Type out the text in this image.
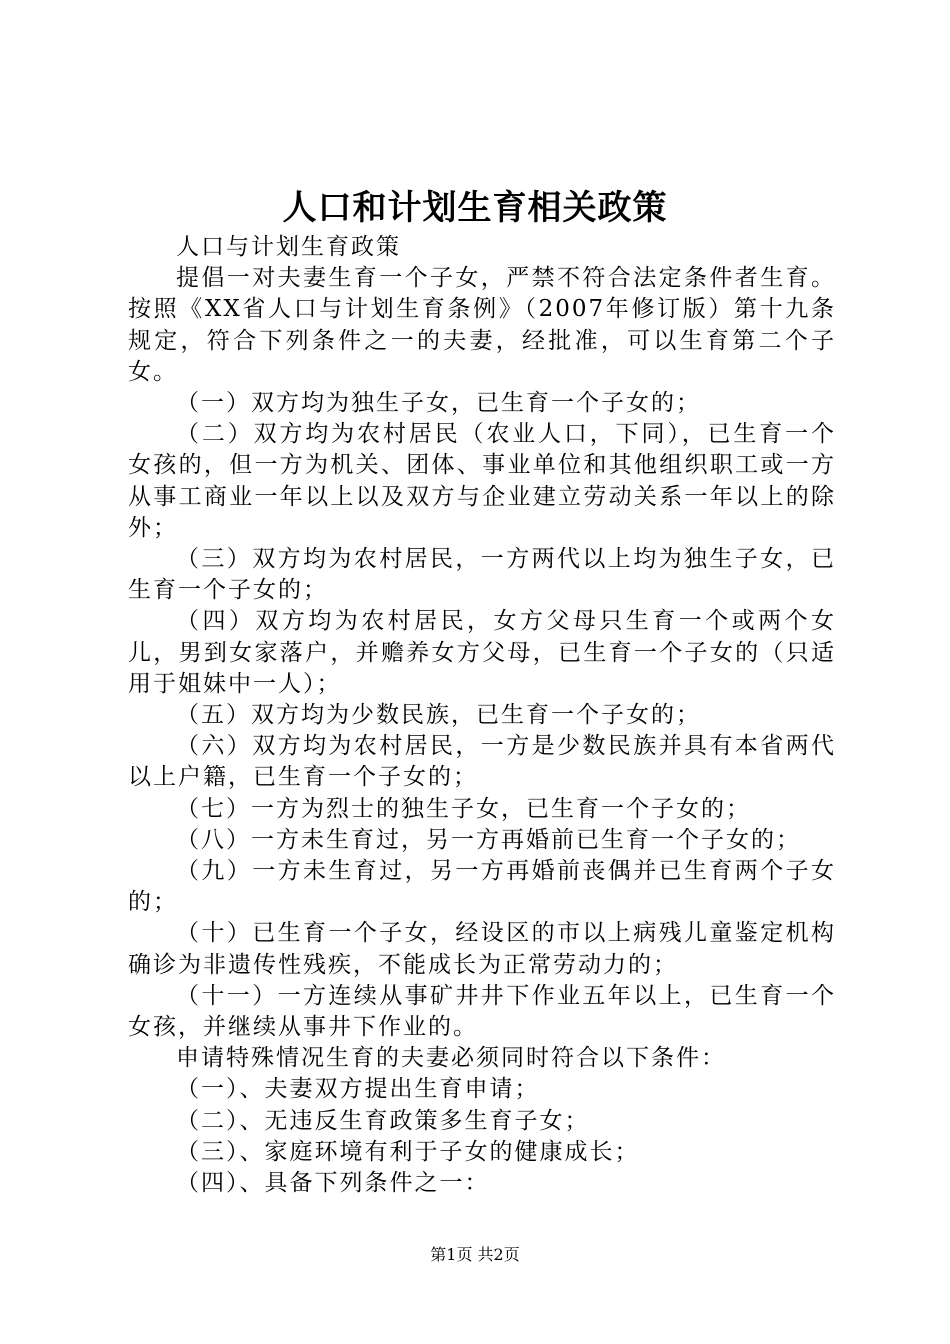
人口和计划生育相关政策

人口与计划生育政策

提倡一对夫妻生育一个子女，严禁不符合法定条件者生育。按照《XX省人口与计划生育条例》（2007年修订版）第十九条规定，符合下列条件之一的夫妻，经批准，可以生育第二个子女。

（一）双方均为独生子女，已生育一个子女的；

（二）双方均为农村居民（农业人口，下同），已生育一个女孩的，但一方为机关、团体、事业单位和其他组织职工或一方从事工商业一年以上以及双方与企业建立劳动关系一年以上的除外；

（三）双方均为农村居民，一方两代以上均为独生子女，已生育一个子女的；

（四）双方均为农村居民，女方父母只生育一个或两个女儿，男到女家落户，并赡养女方父母，已生育一个子女的（只适用于姐妹中一人）；

（五）双方均为少数民族，已生育一个子女的；

（六）双方均为农村居民，一方是少数民族并具有本省两代以上户籍，已生育一个子女的；

（七）一方为烈士的独生子女，已生育一个子女的；

（八）一方未生育过，另一方再婚前已生育一个子女的；

（九）一方未生育过，另一方再婚前丧偶并已生育两个子女的；

（十）已生育一个子女，经设区的市以上病残儿童鉴定机构确诊为非遗传性残疾，不能成长为正常劳动力的；

（十一）一方连续从事矿井井下作业五年以上，已生育一个女孩，并继续从事井下作业的。

申请特殊情况生育的夫妻必须同时符合以下条件：

（一）、夫妻双方提出生育申请；

（二）、无违反生育政策多生育子女；

（三）、家庭环境有利于子女的健康成长；

（四）、具备下列条件之一：

第1页 共2页
